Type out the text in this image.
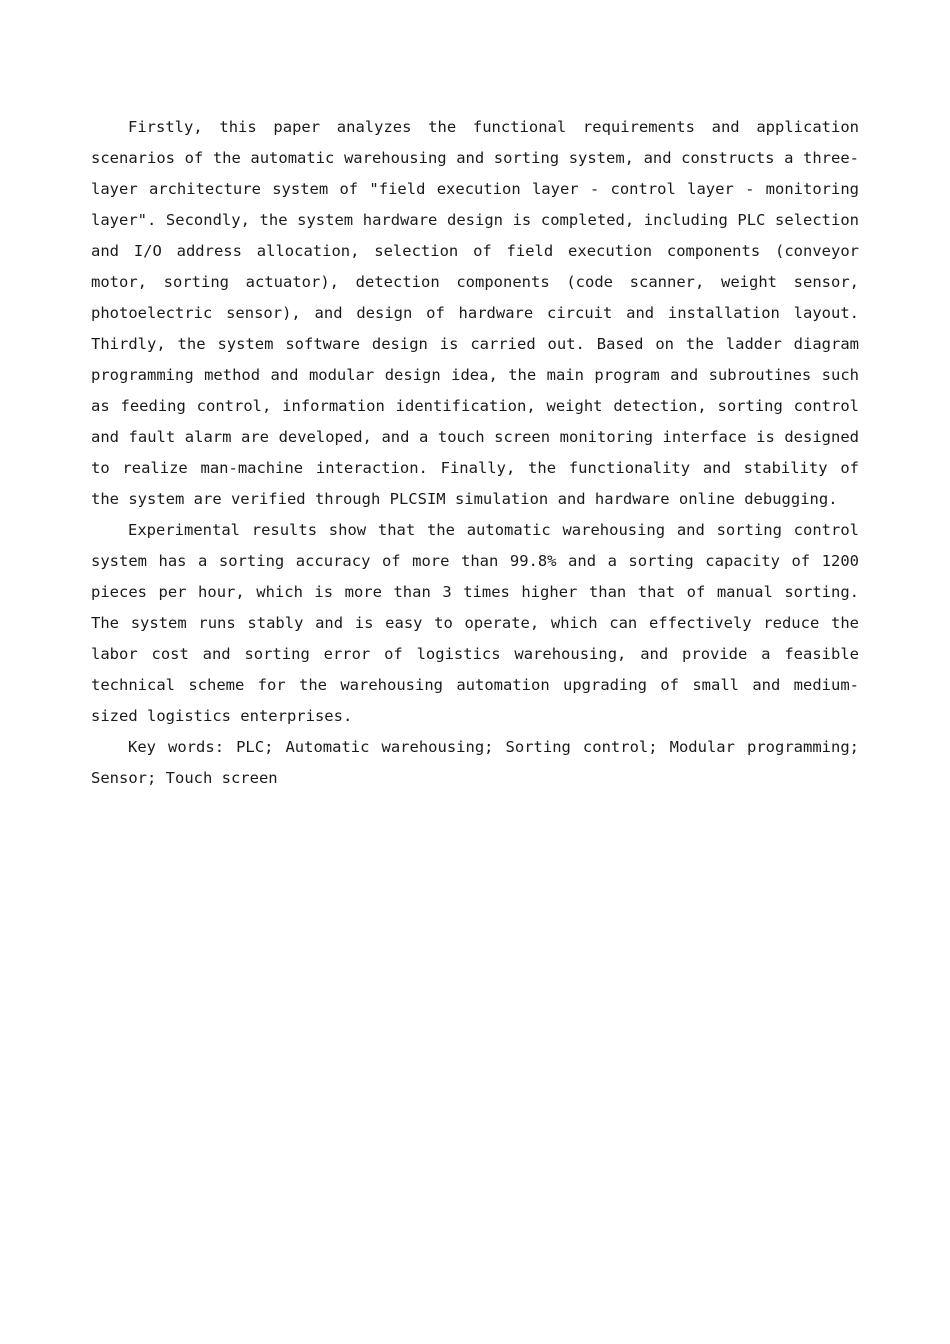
Firstly, this paper analyzes the functional requirements and application scenarios of the automatic warehousing and sorting system, and constructs a three-layer architecture system of "field execution layer - control layer - monitoring layer". Secondly, the system hardware design is completed, including PLC selection and I/O address allocation, selection of field execution components (conveyor motor, sorting actuator), detection components (code scanner, weight sensor, photoelectric sensor), and design of hardware circuit and installation layout. Thirdly, the system software design is carried out. Based on the ladder diagram programming method and modular design idea, the main program and subroutines such as feeding control, information identification, weight detection, sorting control and fault alarm are developed, and a touch screen monitoring interface is designed to realize man-machine interaction. Finally, the functionality and stability of the system are verified through PLCSIM simulation and hardware online debugging.

Experimental results show that the automatic warehousing and sorting control system has a sorting accuracy of more than 99.8% and a sorting capacity of 1200 pieces per hour, which is more than 3 times higher than that of manual sorting. The system runs stably and is easy to operate, which can effectively reduce the labor cost and sorting error of logistics warehousing, and provide a feasible technical scheme for the warehousing automation upgrading of small and medium-sized logistics enterprises.

Key words: PLC; Automatic warehousing; Sorting control; Modular programming; Sensor; Touch screen
